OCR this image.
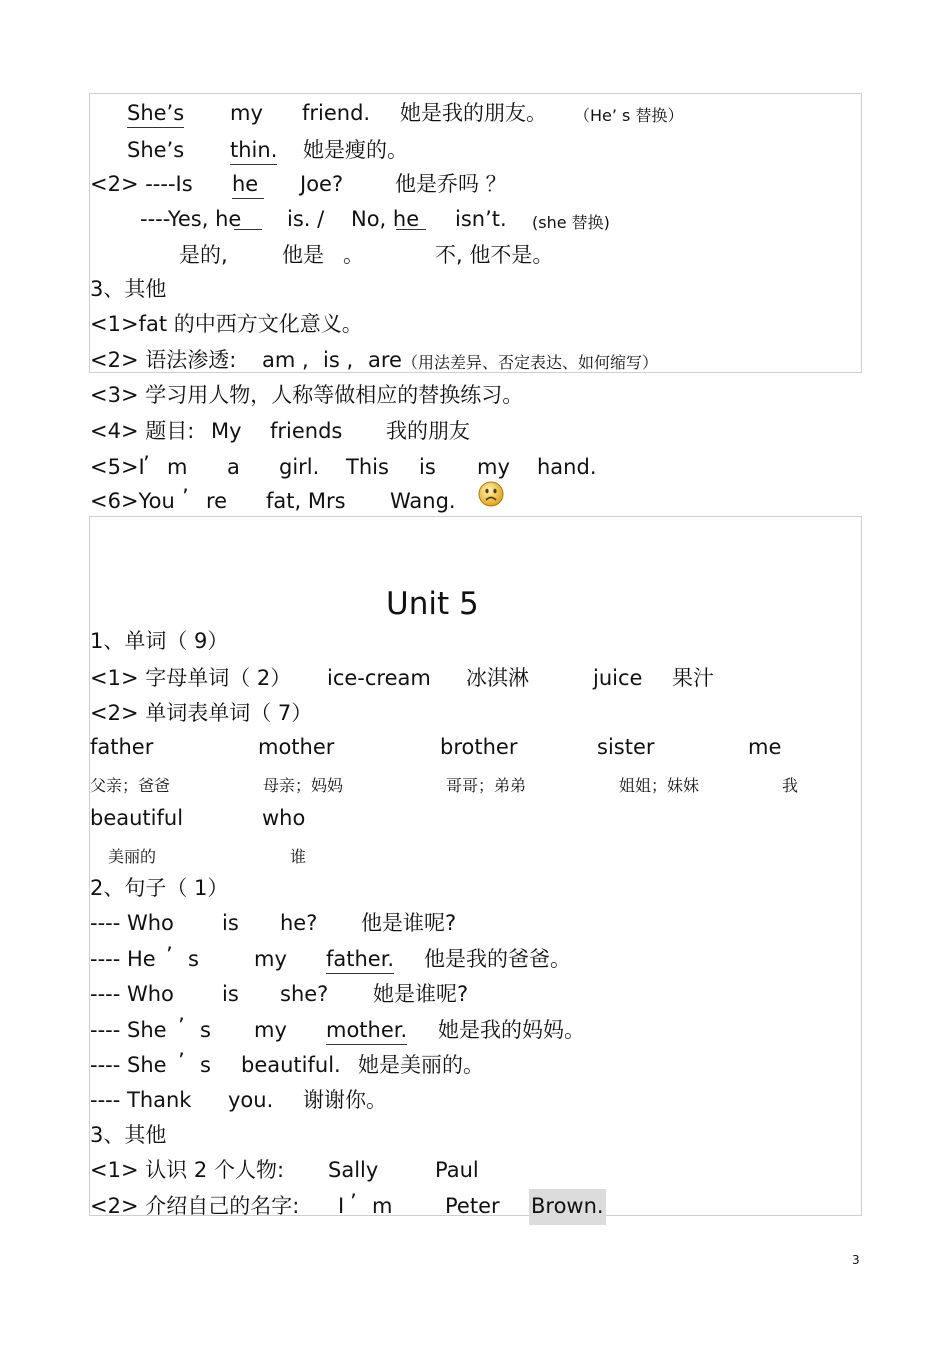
She’s my friend. 她是我的朋友。 （He’ s 替换）
She’s thin. 她是瘦的。
<2> ----Is he Joe? 他是乔吗 ？
----Yes, he is. / No, he isn’t. (she 替换)
是的,	他是 。	不, 他不是。
3、其他
<1>fat 的中西方文化意义。
<2> 语法渗透: am , is , are （用法差异、否定表达、如何缩写）
<3> 学习用人物，人称等做相应的替换练习。
<4> 题目: My friends 我的朋友
<5>I
’ m a girl. This is my hand.
<6>You ’ re fat, Mrs Wang.
Unit 5
1、单词（ 9）
<1> 字母单词（ 2） ice-cream 冰淇淋	juice 果汁
<2> 单词表单词（ 7）
father	mother	brother	sister	me
父亲；爸爸	母亲；妈妈	哥哥；弟弟	姐姐；妹妹	我
beautiful	who
美丽的	谁
2、句子（ 1）
---- Who is he? 他是谁呢?
---- He ’ s	my father. 他是我的爸爸。
---- Who is she? 她是谁呢?
---- She ’ s my mother. 她是我的妈妈。
---- She ’ s beautiful. 她是美丽的。
---- Thank you. 谢谢你。
3、其他
<1> 认识 2 个人物: Sally	Paul
<2> 介绍自己的名字: I ’ m	Peter Brown.
3
